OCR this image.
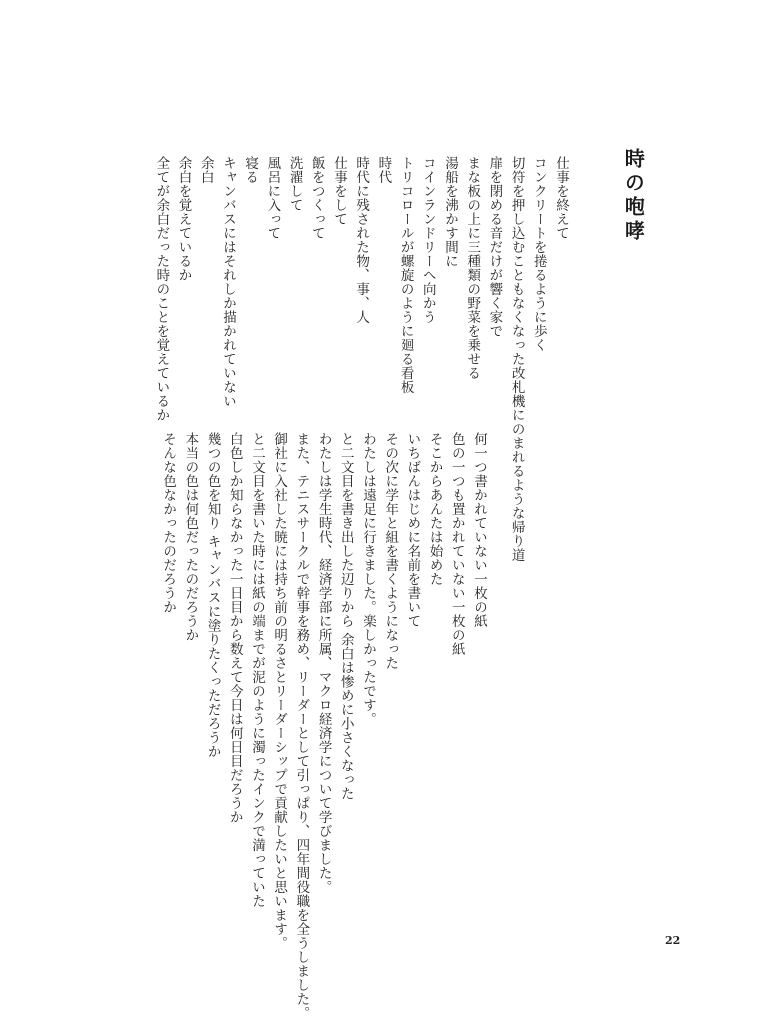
時の咆哮
仕事を終えて
コンクリートを捲るように歩く
切符を押し込むこともなくなった改札機にのまれるような帰り道
扉を閉める音だけが響く家で
まな板の上に三種類の野菜を乗せる
湯船を沸かす間に
コインランドリーへ向かう
トリコロールが螺旋のように廻る看板
時代
時代に残された物、事、人
仕事をして
飯をつくって
洗濯して
風呂に入って
寝る
キャンバスにはそれしか描かれていない
余白
余白を覚えているか
全てが余白だった時のことを覚えているか
何一つ書かれていない一枚の紙
色の一つも置かれていない一枚の紙
そこからあんたは始めた
いちばんはじめに名前を書いて
その次に学年と組を書くようになった
わたしは遠足に行きました。楽しかったです。
と二文目を書き出した辺りから 余白は惨めに小さくなった
わたしは学生時代、経済学部に所属、マクロ経済学について学びました。
また、テニスサークルで幹事を務め、リーダーとして引っぱり、四年間役職を全うしました。
御社に入社した暁には持ち前の明るさとリーダーシップで貢献したいと思います。
と二文目を書いた時には紙の端までが泥のように濁ったインクで満っていた
白色しか知らなかった一日目から数えて今日は何日目だろうか
幾つの色を知り キャンバスに塗りたくっただろうか
本当の色は何色だったのだろうか
そんな色なかったのだろうか
22
